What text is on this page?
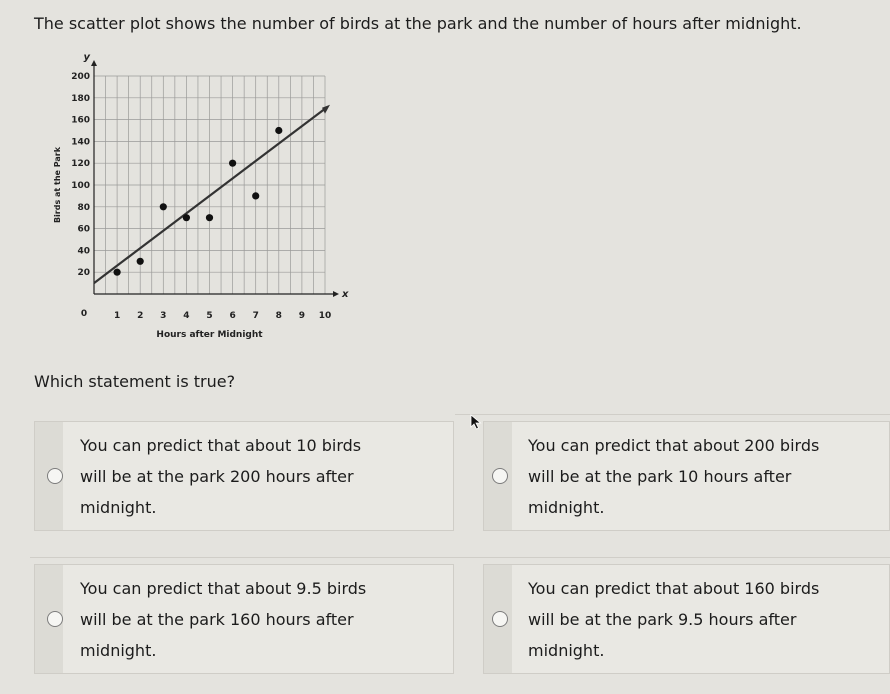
The scatter plot shows the number of birds at the park and the number of hours after midnight.
1 2 3 4 5 6 7 8 9 10
20
40
60
80
100
120
140
160
180
200
0
x
y
Hours after Midnight
Birds at the Park
Which statement is true?
You can predict that about 10 birds
will be at the park 200 hours after
midnight.
You can predict that about 200 birds
will be at the park 10 hours after
midnight.
You can predict that about 9.5 birds
will be at the park 160 hours after
midnight.
You can predict that about 160 birds
will be at the park 9.5 hours after
midnight.
